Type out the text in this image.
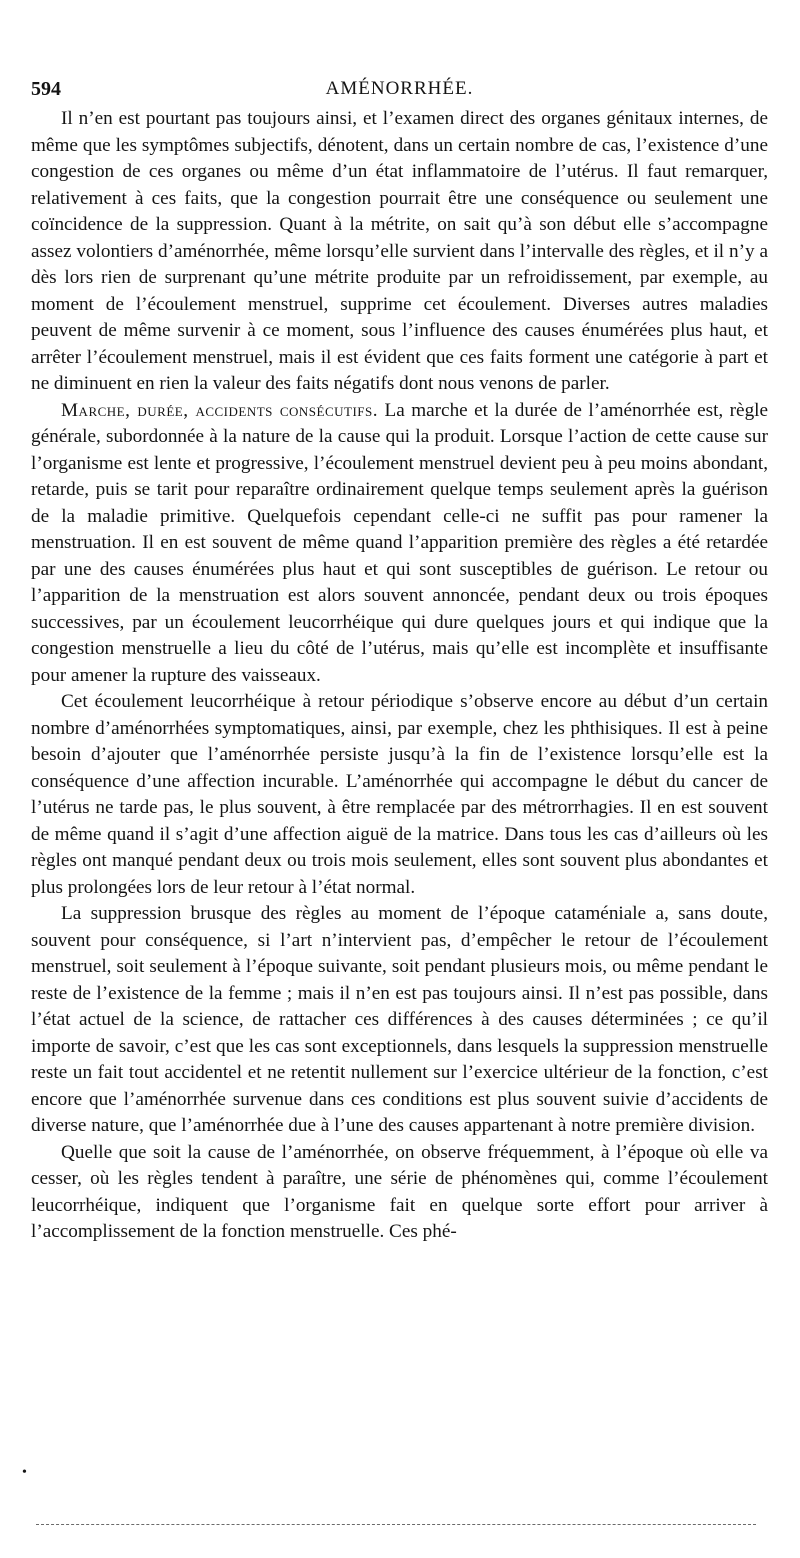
594	AMÉNORRHÉE.

Il n’en est pourtant pas toujours ainsi, et l’examen direct des organes génitaux internes, de même que les symptômes subjectifs, dénotent, dans un certain nombre de cas, l’existence d’une congestion de ces organes ou même d’un état inflammatoire de l’utérus. Il faut remarquer, relativement à ces faits, que la congestion pourrait être une conséquence ou seulement une coïncidence de la suppression. Quant à la métrite, on sait qu’à son début elle s’accompagne assez volontiers d’aménorrhée, même lorsqu’elle survient dans l’intervalle des règles, et il n’y a dès lors rien de surprenant qu’une métrite produite par un refroidissement, par exemple, au moment de l’écoulement menstruel, supprime cet écoulement. Diverses autres maladies peuvent de même survenir à ce moment, sous l’influence des causes énumérées plus haut, et arrêter l’écoulement menstruel, mais il est évident que ces faits forment une catégorie à part et ne diminuent en rien la valeur des faits négatifs dont nous venons de parler.

Marche, durée, accidents consécutifs. La marche et la durée de l’aménorrhée est, règle générale, subordonnée à la nature de la cause qui la produit. Lorsque l’action de cette cause sur l’organisme est lente et progressive, l’écoulement menstruel devient peu à peu moins abondant, retarde, puis se tarit pour reparaître ordinairement quelque temps seulement après la guérison de la maladie primitive. Quelquefois cependant celle-ci ne suffit pas pour ramener la menstruation. Il en est souvent de même quand l’apparition première des règles a été retardée par une des causes énumérées plus haut et qui sont susceptibles de guérison. Le retour ou l’apparition de la menstruation est alors souvent annoncée, pendant deux ou trois époques successives, par un écoulement leucorrhéique qui dure quelques jours et qui indique que la congestion menstruelle a lieu du côté de l’utérus, mais qu’elle est incomplète et insuffisante pour amener la rupture des vaisseaux.

Cet écoulement leucorrhéique à retour périodique s’observe encore au début d’un certain nombre d’aménorrhées symptomatiques, ainsi, par exemple, chez les phthisiques. Il est à peine besoin d’ajouter que l’aménorrhée persiste jusqu’à la fin de l’existence lorsqu’elle est la conséquence d’une affection incurable. L’aménorrhée qui accompagne le début du cancer de l’utérus ne tarde pas, le plus souvent, à être remplacée par des métrorrhagies. Il en est souvent de même quand il s’agit d’une affection aiguë de la matrice. Dans tous les cas d’ailleurs où les règles ont manqué pendant deux ou trois mois seulement, elles sont souvent plus abondantes et plus prolongées lors de leur retour à l’état normal.

La suppression brusque des règles au moment de l’époque cataméniale a, sans doute, souvent pour conséquence, si l’art n’intervient pas, d’empêcher le retour de l’écoulement menstruel, soit seulement à l’époque suivante, soit pendant plusieurs mois, ou même pendant le reste de l’existence de la femme ; mais il n’en est pas toujours ainsi. Il n’est pas possible, dans l’état actuel de la science, de rattacher ces différences à des causes déterminées ; ce qu’il importe de savoir, c’est que les cas sont exceptionnels, dans lesquels la suppression menstruelle reste un fait tout accidentel et ne retentit nullement sur l’exercice ultérieur de la fonction, c’est encore que l’aménorrhée survenue dans ces conditions est plus souvent suivie d’accidents de diverse nature, que l’aménorrhée due à l’une des causes appartenant à notre première division.

Quelle que soit la cause de l’aménorrhée, on observe fréquemment, à l’époque où elle va cesser, où les règles tendent à paraître, une série de phénomènes qui, comme l’écoulement leucorrhéique, indiquent que l’organisme fait en quelque sorte effort pour arriver à l’accomplissement de la fonction menstruelle. Ces phé-

•
